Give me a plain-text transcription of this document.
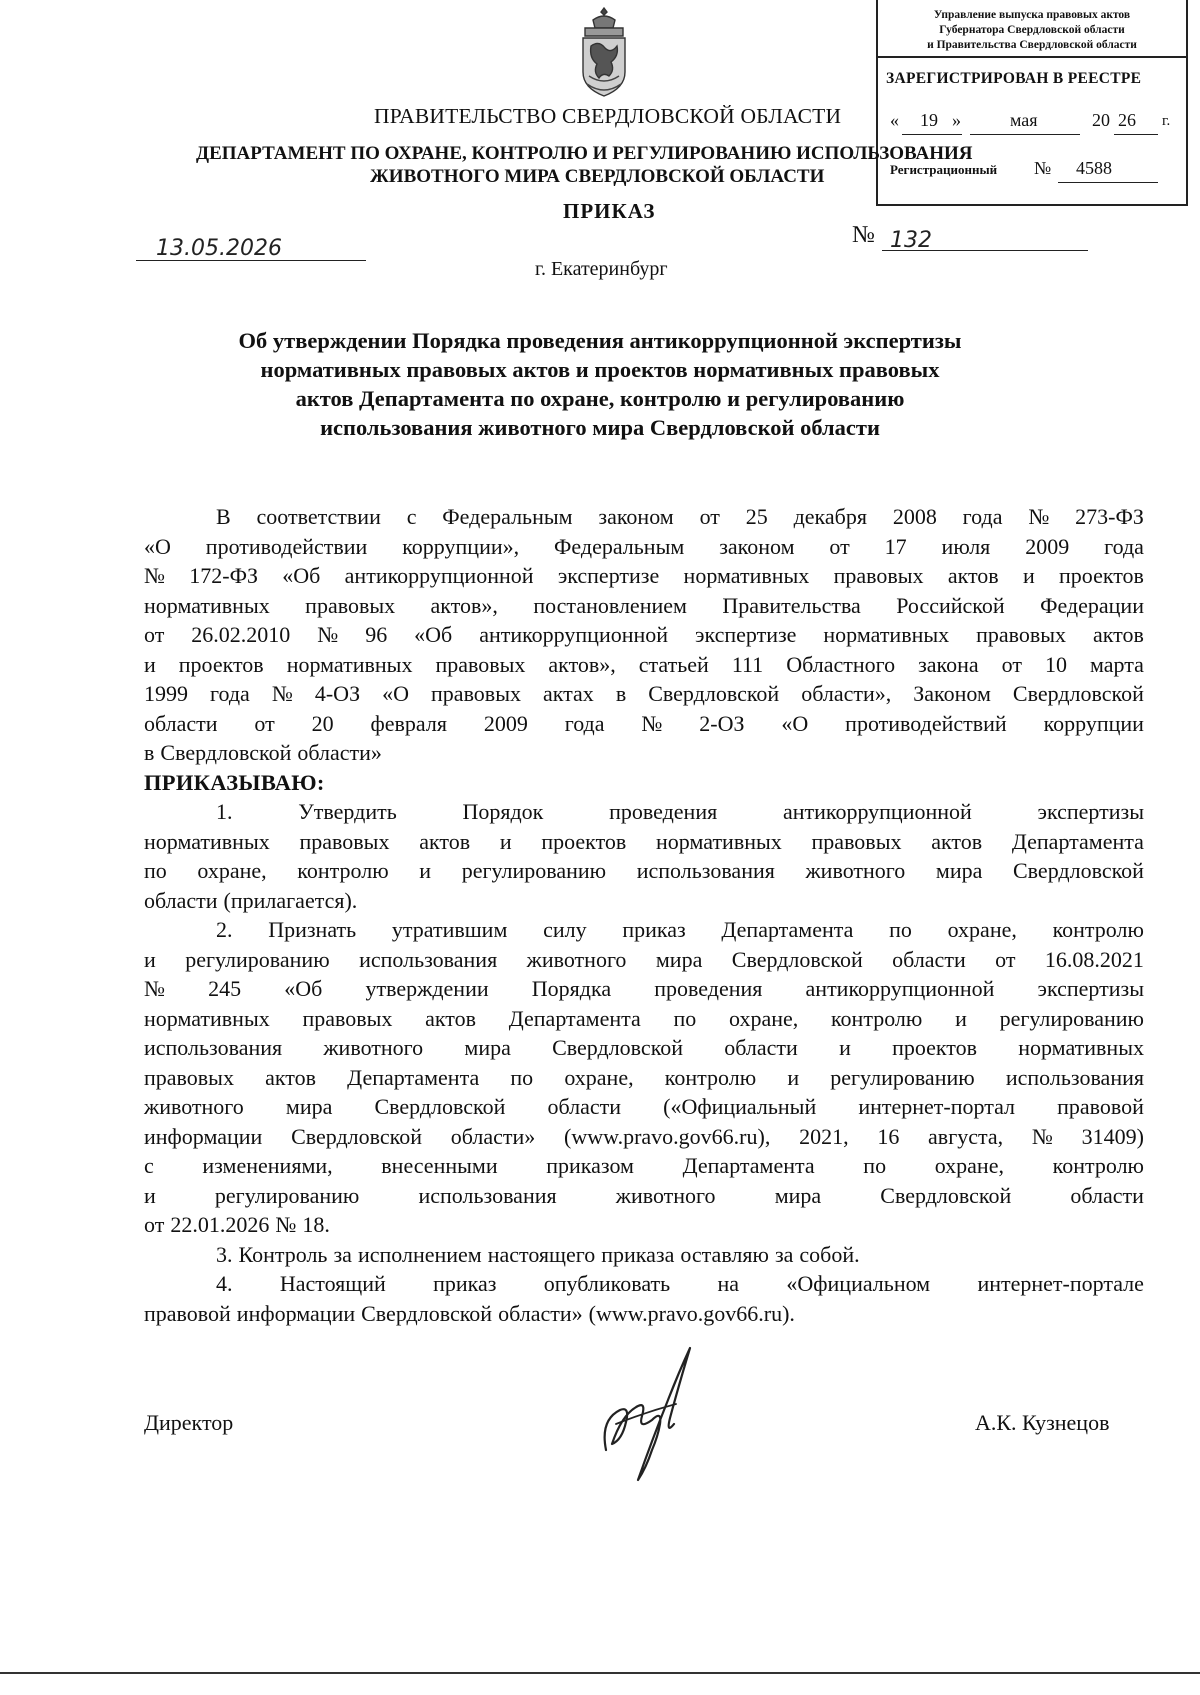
Управление выпуска правовых актов
Губернатора Свердловской области
и Правительства Свердловской области
ЗАРЕГИСТРИРОВАН В РЕЕСТРЕ
« 19 »	мая	20 26 г.
Регистрационный № 4588
ПРАВИТЕЛЬСТВО СВЕРДЛОВСКОЙ ОБЛАСТИ
ДЕПАРТАМЕНТ ПО ОХРАНЕ, КОНТРОЛЮ И РЕГУЛИРОВАНИЮ ИСПОЛЬЗОВАНИЯ
ЖИВОТНОГО МИРА СВЕРДЛОВСКОЙ ОБЛАСТИ
ПРИКАЗ
13.05.2026
№ 132
г. Екатеринбург
Об утверждении Порядка проведения антикоррупционной экспертизы
нормативных правовых актов и проектов нормативных правовых
актов Департамента по охране, контролю и регулированию
использования животного мира Свердловской области
В соответствии с Федеральным законом от 25 декабря 2008 года № 273-ФЗ
«О противодействии коррупции», Федеральным законом от 17 июля 2009 года
№ 172-ФЗ «Об антикоррупционной экспертизе нормативных правовых актов и проектов
нормативных правовых актов», постановлением Правительства Российской Федерации
от 26.02.2010 № 96 «Об антикоррупционной экспертизе нормативных правовых актов
и проектов нормативных правовых актов», статьей 111 Областного закона от 10 марта
1999 года № 4-ОЗ «О правовых актах в Свердловской области», Законом Свердловской
области от 20 февраля 2009 года № 2-ОЗ «О противодействий коррупции
в Свердловской области»
ПРИКАЗЫВАЮ:
1.	Утвердить	Порядок	проведения	антикоррупционной	экспертизы
нормативных правовых актов и проектов нормативных правовых актов Департамента
по охране, контролю и регулированию использования животного мира Свердловской
области (прилагается).
2. Признать утратившим силу приказ Департамента по охране, контролю
и регулированию использования животного мира Свердловской области от 16.08.2021
№ 245 «Об утверждении Порядка проведения антикоррупционной экспертизы
нормативных правовых актов Департамента по охране, контролю и регулированию
использования животного мира Свердловской области и проектов нормативных
правовых актов Департамента по охране, контролю и регулированию использования
животного мира Свердловской области («Официальный интернет-портал правовой
информации Свердловской области» (www.pravo.gov66.ru), 2021, 16 августа, № 31409)
с изменениями, внесенными приказом Департамента по охране, контролю
и	регулированию	использования	животного	мира	Свердловской	области
от 22.01.2026 № 18.
3. Контроль за исполнением настоящего приказа оставляю за собой.
4. Настоящий приказ опубликовать на «Официальном интернет-портале
правовой информации Свердловской области» (www.pravo.gov66.ru).
Директор	А.К. Кузнецов
